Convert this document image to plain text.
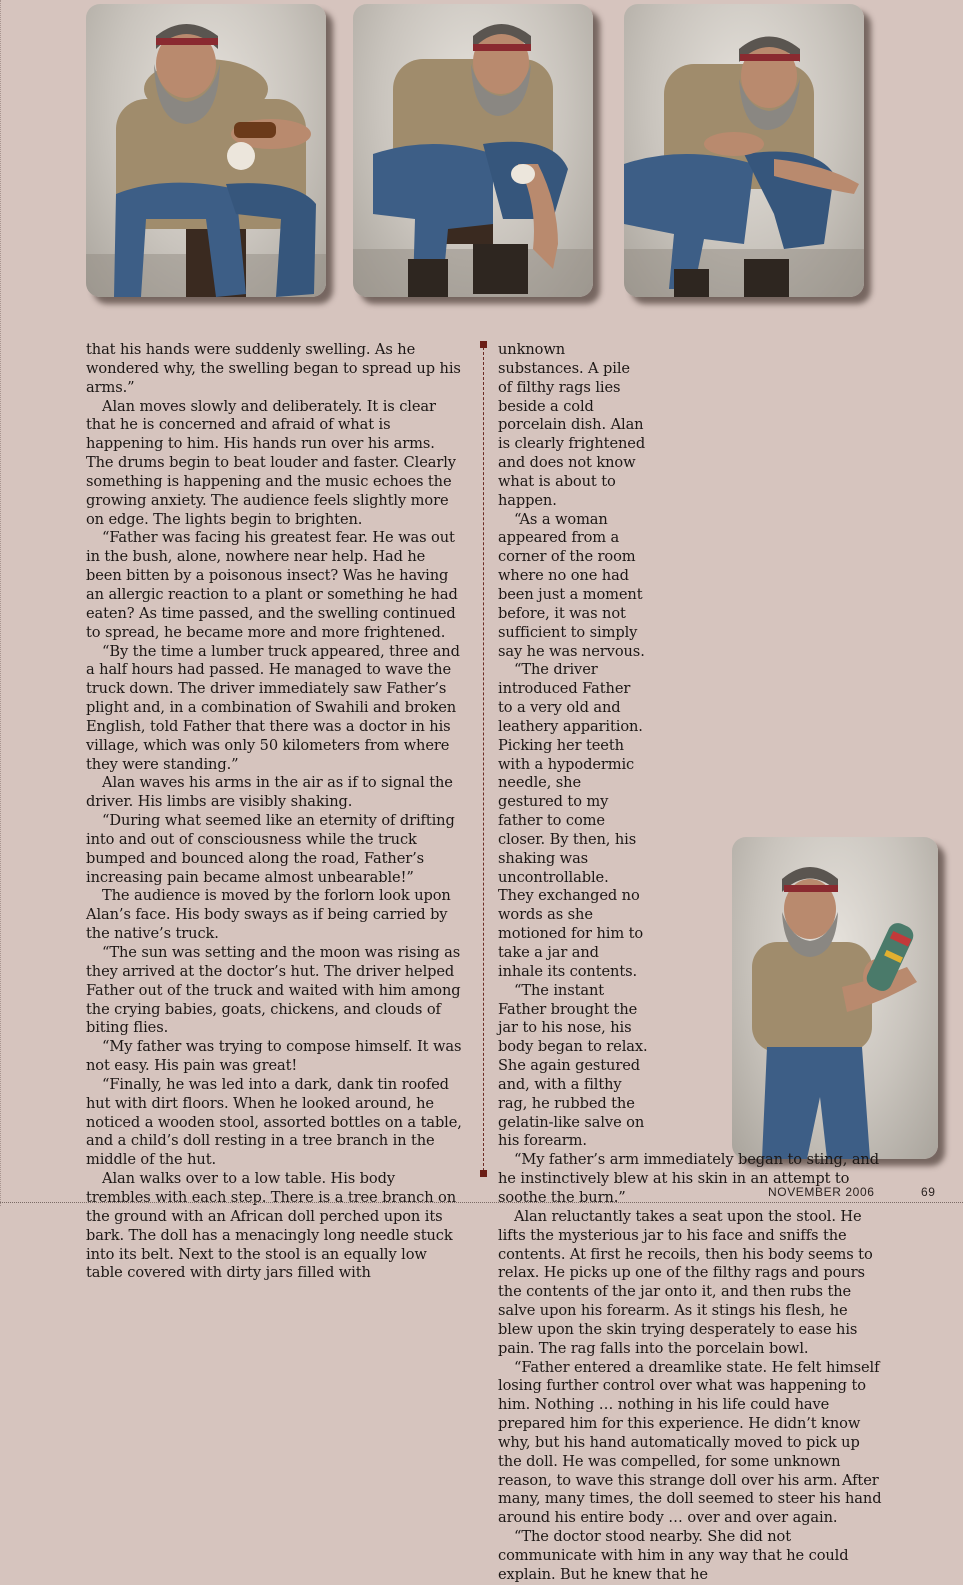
that his hands were suddenly swelling. As he wondered why, the swelling began to spread up his arms.”

Alan moves slowly and deliberately. It is clear that he is concerned and afraid of what is happening to him. His hands run over his arms. The drums begin to beat louder and faster. Clearly something is happening and the music echoes the growing anxiety. The audience feels slightly more on edge. The lights begin to brighten.

“Father was facing his greatest fear. He was out in the bush, alone, nowhere near help. Had he been bitten by a poisonous insect? Was he having an allergic reaction to a plant or something he had eaten? As time passed, and the swelling continued to spread, he became more and more frightened.

“By the time a lumber truck appeared, three and a half hours had passed. He managed to wave the truck down. The driver immediately saw Father’s plight and, in a combination of Swahili and broken English, told Father that there was a doctor in his village, which was only 50 kilometers from where they were standing.”

Alan waves his arms in the air as if to signal the driver. His limbs are visibly shaking.

“During what seemed like an eternity of drifting into and out of consciousness while the truck bumped and bounced along the road, Father’s increasing pain became almost unbearable!”

The audience is moved by the forlorn look upon Alan’s face. His body sways as if being carried by the native’s truck.

“The sun was setting and the moon was rising as they arrived at the doctor’s hut. The driver helped Father out of the truck and waited with him among the crying babies, goats, chickens, and clouds of biting flies.

“My father was trying to compose himself. It was not easy. His pain was great!

“Finally, he was led into a dark, dank tin roofed hut with dirt floors. When he looked around, he noticed a wooden stool, assorted bottles on a table, and a child’s doll resting in a tree branch in the middle of the hut.

Alan walks over to a low table. His body trembles with each step. There is a tree branch on the ground with an African doll perched upon its bark. The doll has a menacingly long needle stuck into its belt. Next to the stool is an equally low table covered with dirty jars filled with

unknown substances. A pile of filthy rags lies beside a cold porcelain dish. Alan is clearly frightened and does not know what is about to happen.

“As a woman appeared from a corner of the room where no one had been just a moment before, it was not sufficient to simply say he was nervous.

“The driver introduced Father to a very old and leathery apparition. Picking her teeth with a hypodermic needle, she gestured to my father to come closer. By then, his shaking was uncontrollable. They exchanged no words as she motioned for him to take a jar and inhale its contents.

“The instant Father brought the jar to his nose, his body began to relax. She again gestured and, with a filthy rag, he rubbed the gelatin-like salve on his forearm.

“My father’s arm immediately began to sting, and he instinctively blew at his skin in an attempt to soothe the burn.”

Alan reluctantly takes a seat upon the stool. He lifts the mysterious jar to his face and sniffs the contents. At first he recoils, then his body seems to relax. He picks up one of the filthy rags and pours the contents of the jar onto it, and then rubs the salve upon his forearm. As it stings his flesh, he blew upon the skin trying desperately to ease his pain. The rag falls into the porcelain bowl.

“Father entered a dreamlike state. He felt himself losing further control over what was happening to him. Nothing … nothing in his life could have prepared him for this experience. He didn’t know why, but his hand automatically moved to pick up the doll. He was compelled, for some unknown reason, to wave this strange doll over his arm. After many, many times, the doll seemed to steer his hand around his entire body … over and over again.

“The doctor stood nearby. She did not communicate with him in any way that he could explain. But he knew that he

NOVEMBER 2006	69
